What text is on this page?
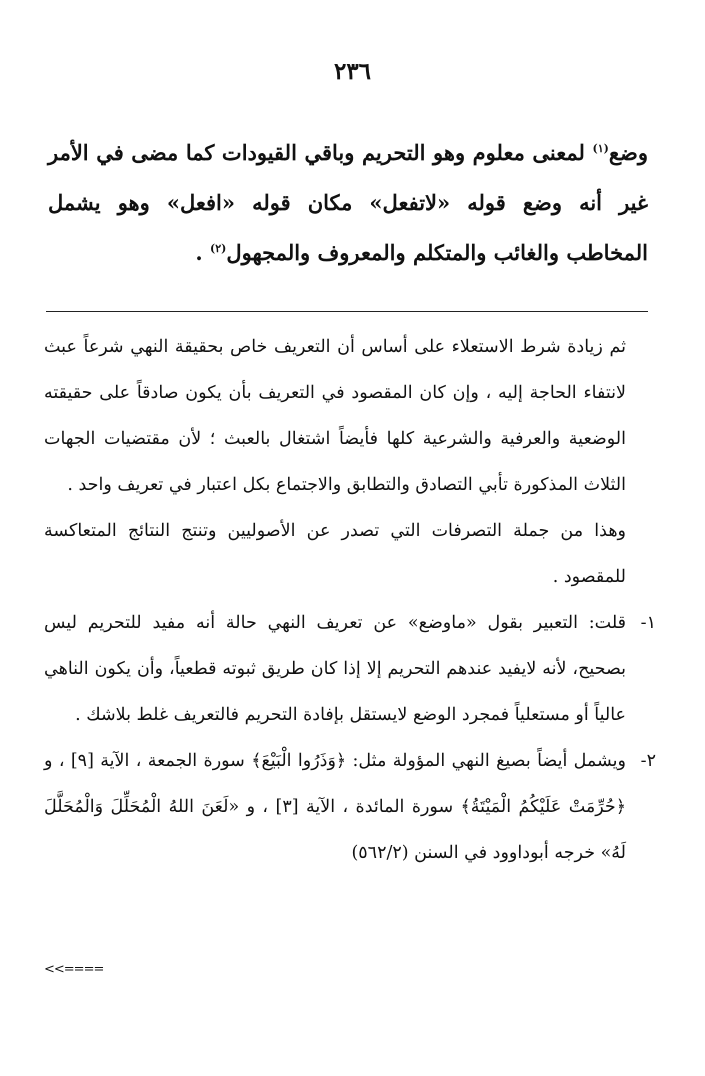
٢٣٦

وضع$^{(١)}$ لمعنى معلوم وهو التحريم وباقي القيودات كما مضى في الأمر غير أنه وضع قوله «لاتفعل» مكان قوله «افعل» وهو يشمل المخاطب والغائب والمتكلم والمعروف والمجهول$^{(٢)}$ .

ثم زيادة شرط الاستعلاء على أساس أن التعريف خاص بحقيقة النهي شرعاً عبث لانتفاء الحاجة إليه ، وإن كان المقصود في التعريف بأن يكون صادقاً على حقيقته الوضعية والعرفية والشرعية كلها فأيضاً اشتغال بالعبث ؛ لأن مقتضيات الجهات الثلاث المذكورة تأبي التصادق والتطابق والاجتماع بكل اعتبار في تعريف واحد .

وهذا من جملة التصرفات التي تصدر عن الأصوليين وتنتج النتائج المتعاكسة للمقصود .

١-

قلت: التعبير بقول «ماوضع» عن تعريف النهي حالة أنه مفيد للتحريم ليس بصحيح، لأنه لايفيد عندهم التحريم إلا إذا كان طريق ثبوته قطعياً، وأن يكون الناهي عالياً أو مستعلياً فمجرد الوضع لايستقل بإفادة التحريم فالتعريف غلط بلاشك .

٢-

ويشمل أيضاً بصيغ النهي المؤولة مثل: ﴿وَذَرُوا الْبَيْعَ﴾ سورة الجمعة ، الآية [٩] ، و ﴿حُرِّمَتْ عَلَيْكُمُ الْمَيْتَةُ﴾ سورة المائدة ، الآية [٣] ، و «لَعَنَ اللهُ الْمُحَلِّلَ وَالْمُحَلَّلَ لَهُ» خرجه أبوداوود في السنن (٥٦٢/٢)

<<====
